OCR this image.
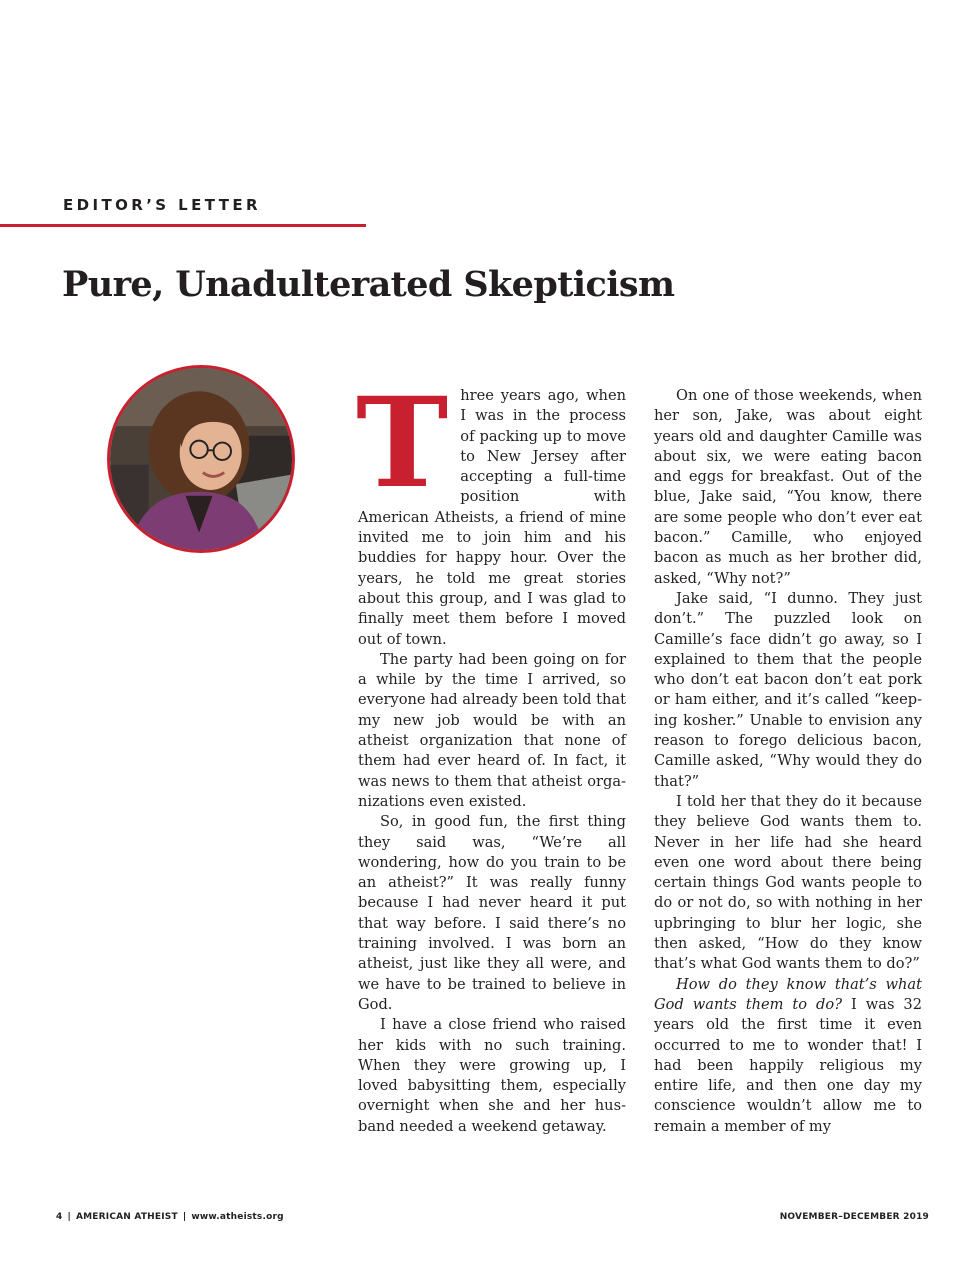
EDITOR’S LETTER
Pure, Unadulterated Skepticism
T hree years ago, when I was in the process of packing up to move to New Jersey after accepting a full-time position with American Atheists, a friend of mine invited me to join him and his buddies for happy hour. Over the years, he told me great stories about this group, and I was glad to finally meet them before I moved out of town.

The party had been going on for a while by the time I arrived, so everyone had already been told that my new job would be with an atheist organization that none of them had ever heard of. In fact, it was news to them that atheist organizations even existed.

So, in good fun, the first thing they said was, “We’re all wondering, how do you train to be an atheist?” It was really funny because I had never heard it put that way before. I said there’s no training involved. I was born an atheist, just like they all were, and we have to be trained to believe in God.

I have a close friend who raised her kids with no such training. When they were growing up, I loved babysitting them, especially overnight when she and her husband needed a weekend getaway.

On one of those weekends, when her son, Jake, was about eight years old and daughter Camille was about six, we were eating bacon and eggs for breakfast. Out of the blue, Jake said, “You know, there are some people who don’t ever eat bacon.” Camille, who enjoyed bacon as much as her brother did, asked, “Why not?”

Jake said, “I dunno. They just don’t.” The puzzled look on Camille’s face didn’t go away, so I explained to them that the people who don’t eat bacon don’t eat pork or ham either, and it’s called “keeping kosher.” Unable to envision any reason to forego delicious bacon, Camille asked, “Why would they do that?”

I told her that they do it because they believe God wants them to. Never in her life had she heard even one word about there being certain things God wants people to do or not do, so with nothing in her upbringing to blur her logic, she then asked, “How do they know that’s what God wants them to do?”

How do they know that’s what God wants them to do? I was 32 years old the first time it even occurred to me to wonder that! I had been happily religious my entire life, and then one day my conscience wouldn’t allow me to remain a member of my

4 | AMERICAN ATHEIST | www.atheists.org	NOVEMBER–DECEMBER 2019
